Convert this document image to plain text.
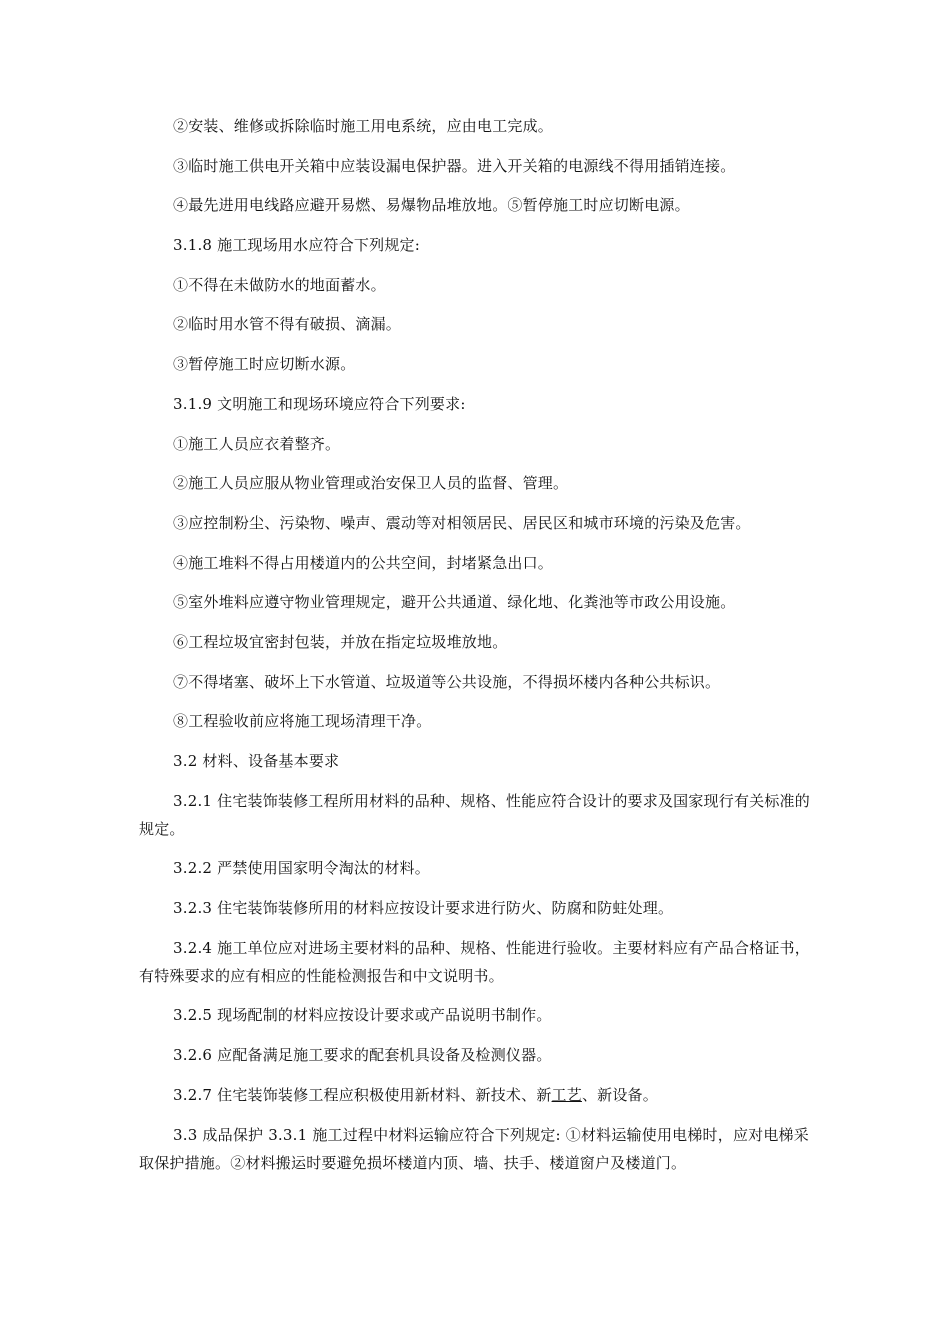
②安装、维修或拆除临时施工用电系统，应由电工完成。

③临时施工供电开关箱中应装设漏电保护器。进入开关箱的电源线不得用插销连接。

④最先进用电线路应避开易燃、易爆物品堆放地。⑤暂停施工时应切断电源。

3.1.8 施工现场用水应符合下列规定:

①不得在未做防水的地面蓄水。

②临时用水管不得有破损、滴漏。

③暂停施工时应切断水源。

3.1.9 文明施工和现场环境应符合下列要求:

①施工人员应衣着整齐。

②施工人员应服从物业管理或治安保卫人员的监督、管理。

③应控制粉尘、污染物、噪声、震动等对相领居民、居民区和城市环境的污染及危害。

④施工堆料不得占用楼道内的公共空间，封堵紧急出口。

⑤室外堆料应遵守物业管理规定，避开公共通道、绿化地、化粪池等市政公用设施。

⑥工程垃圾宜密封包装，并放在指定垃圾堆放地。

⑦不得堵塞、破坏上下水管道、垃圾道等公共设施，不得损坏楼内各种公共标识。

⑧工程验收前应将施工现场清理干净。

3.2 材料、设备基本要求

3.2.1 住宅装饰装修工程所用材料的品种、规格、性能应符合设计的要求及国家现行有关标准的规定。

3.2.2 严禁使用国家明令淘汰的材料。

3.2.3 住宅装饰装修所用的材料应按设计要求进行防火、防腐和防蛀处理。

3.2.4 施工单位应对进场主要材料的品种、规格、性能进行验收。主要材料应有产品合格证书，有特殊要求的应有相应的性能检测报告和中文说明书。

3.2.5 现场配制的材料应按设计要求或产品说明书制作。

3.2.6 应配备满足施工要求的配套机具设备及检测仪器。

3.2.7 住宅装饰装修工程应积极使用新材料、新技术、新工艺、新设备。

3.3 成品保护 3.3.1 施工过程中材料运输应符合下列规定: ①材料运输使用电梯时，应对电梯采取保护措施。②材料搬运时要避免损坏楼道内顶、墙、扶手、楼道窗户及楼道门。
